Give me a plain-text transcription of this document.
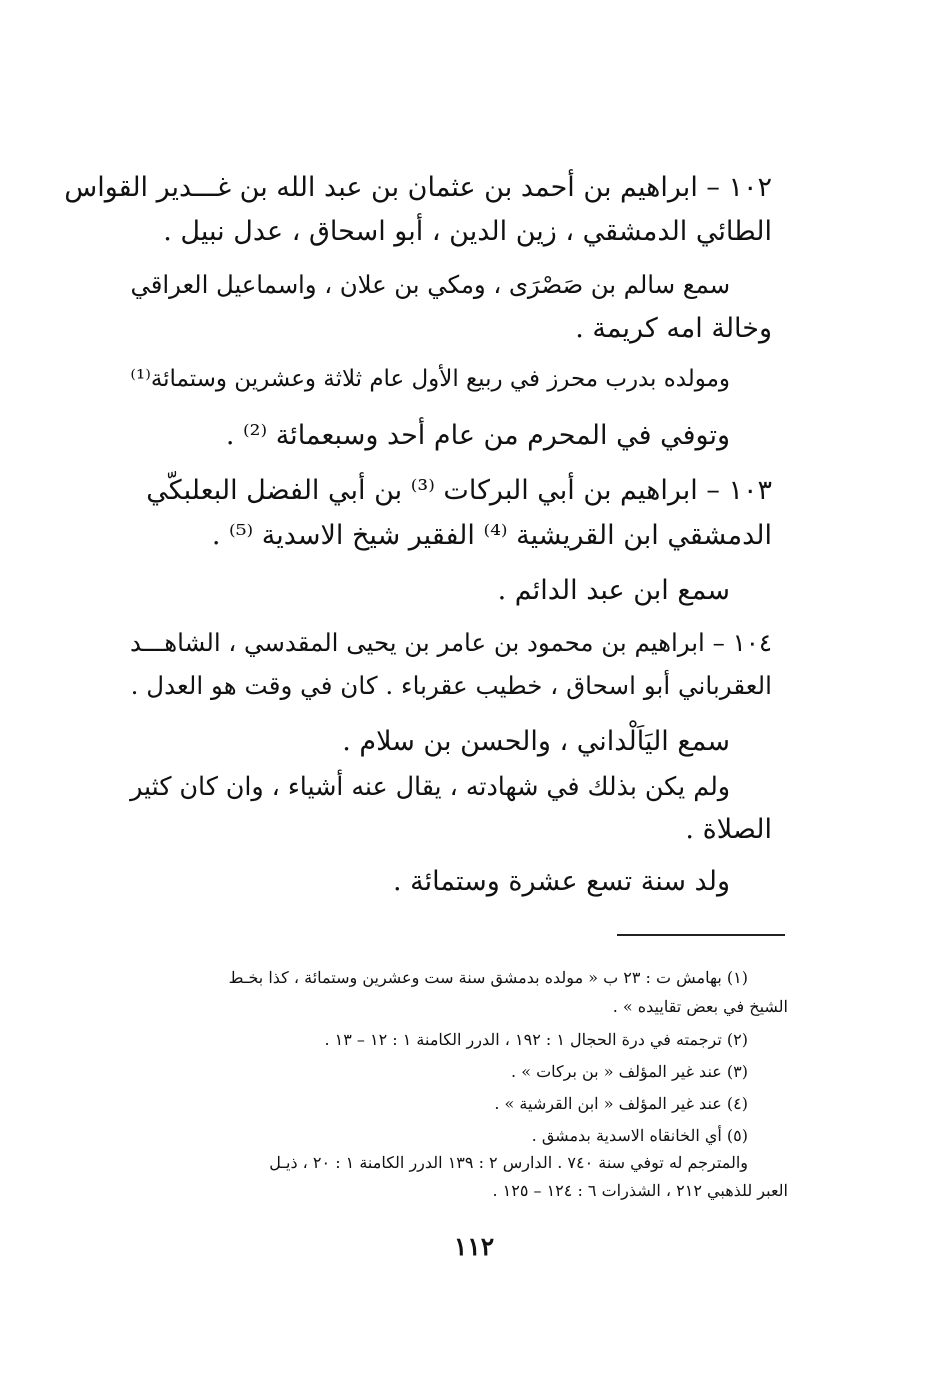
١٠٢ – ابراهيم بن أحمد بن عثمان بن عبد الله بن غـــدير القواس
الطائي الدمشقي ، زين الدين ، أبو اسحاق ، عدل نبيل .
سمع سالم بن صَصْرَى ، ومكي بن علان ، واسماعيل العراقي
وخالة امه كريمة .
ومولده بدرب محرز في ربيع الأول عام ثلاثة وعشرين وستمائة⁽¹⁾
وتوفي في المحرم من عام أحد وسبعمائة ⁽²⁾ .
١٠٣ – ابراهيم بن أبي البركات ⁽³⁾ بن أبي الفضل البعلبكّي
الدمشقي ابن القريشية ⁽⁴⁾ الفقير شيخ الاسدية ⁽⁵⁾ .
سمع ابن عبد الدائم .
١٠٤ – ابراهيم بن محمود بن عامر بن يحيى المقدسي ، الشاهـــد
العقرباني أبو اسحاق ، خطيب عقرباء . كان في وقت هو العدل .
سمع اليَاَلْداني ، والحسن بن سلام .
ولم يكن بذلك في شهادته ، يقال عنه أشياء ، وان كان كثير
الصلاة .
ولد سنة تسع عشرة وستمائة .
(١) بهامش ت : ٢٣ ب « مولده بدمشق سنة ست وعشرين وستمائة ، كذا بخـط
الشيخ في بعض تقاييده » .
(٢) ترجمته في درة الحجال ١ : ١٩٢ ، الدرر الكامنة ١ : ١٢ – ١٣ .
(٣) عند غير المؤلف « بن بركات » .
(٤) عند غير المؤلف « ابن القرشية » .
(٥) أي الخانقاه الاسدية بدمشق .
والمترجم له توفي سنة ٧٤٠ . الدارس ٢ : ١٣٩ الدرر الكامنة ١ : ٢٠ ، ذيـل
العبر للذهبي ٢١٢ ، الشذرات ٦ : ١٢٤ – ١٢٥ .
١١٢
